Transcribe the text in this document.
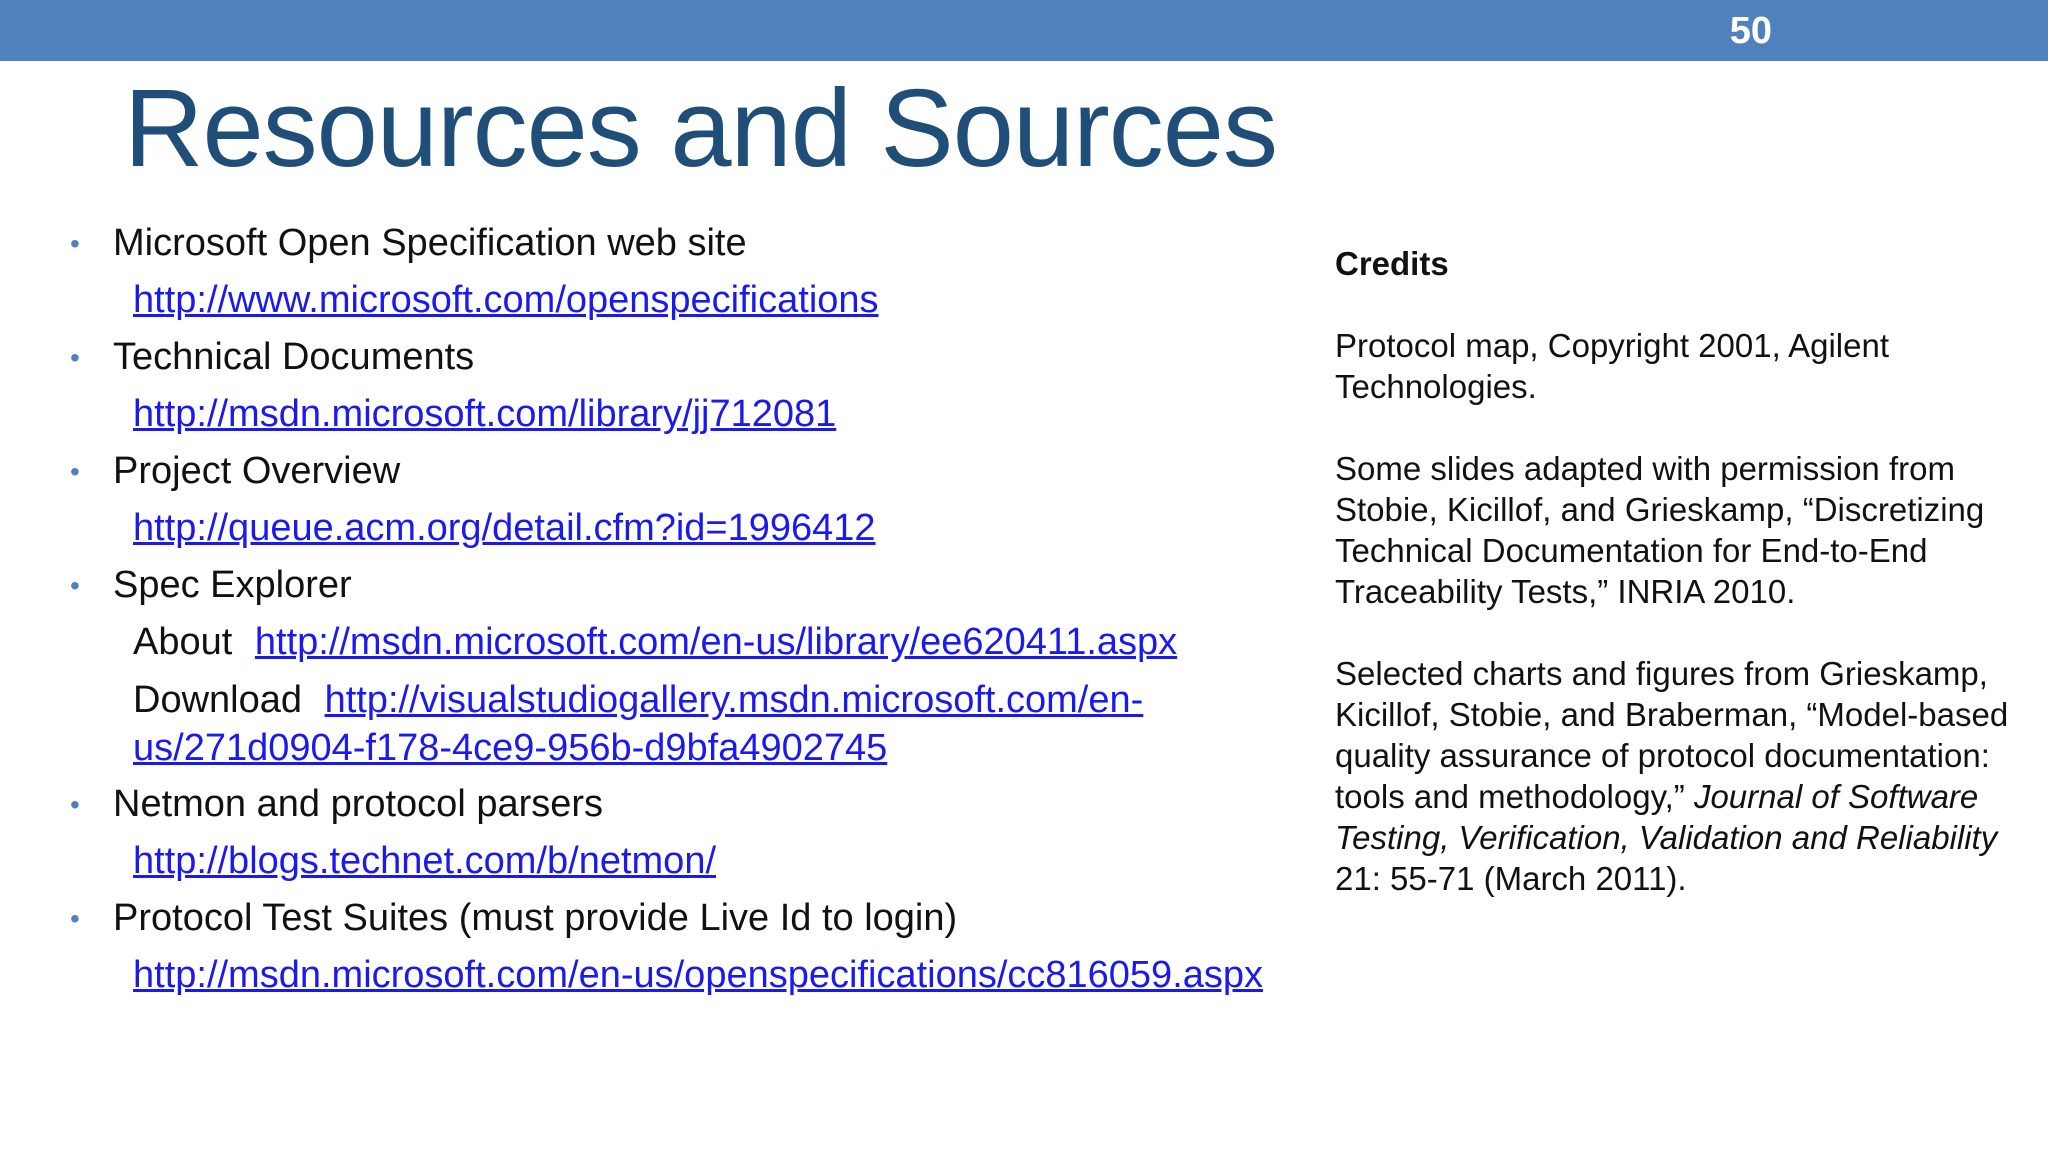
50
Resources and Sources
• Microsoft Open Specification web site
http://www.microsoft.com/openspecifications
• Technical Documents
http://msdn.microsoft.com/library/jj712081
• Project Overview
http://queue.acm.org/detail.cfm?id=1996412
• Spec Explorer
About http://msdn.microsoft.com/en-us/library/ee620411.aspx
Download http://visualstudiogallery.msdn.microsoft.com/en-us/271d0904-f178-4ce9-956b-d9bfa4902745
• Netmon and protocol parsers
http://blogs.technet.com/b/netmon/
• Protocol Test Suites (must provide Live Id to login)
http://msdn.microsoft.com/en-us/openspecifications/cc816059.aspx

Credits

Protocol map, Copyright 2001, Agilent Technologies.

Some slides adapted with permission from Stobie, Kicillof, and Grieskamp, “Discretizing Technical Documentation for End-to-End Traceability Tests,” INRIA 2010.

Selected charts and figures from Grieskamp, Kicillof, Stobie, and Braberman, “Model-based quality assurance of protocol documentation: tools and methodology,” Journal of Software Testing, Verification, Validation and Reliability 21: 55-71 (March 2011).
